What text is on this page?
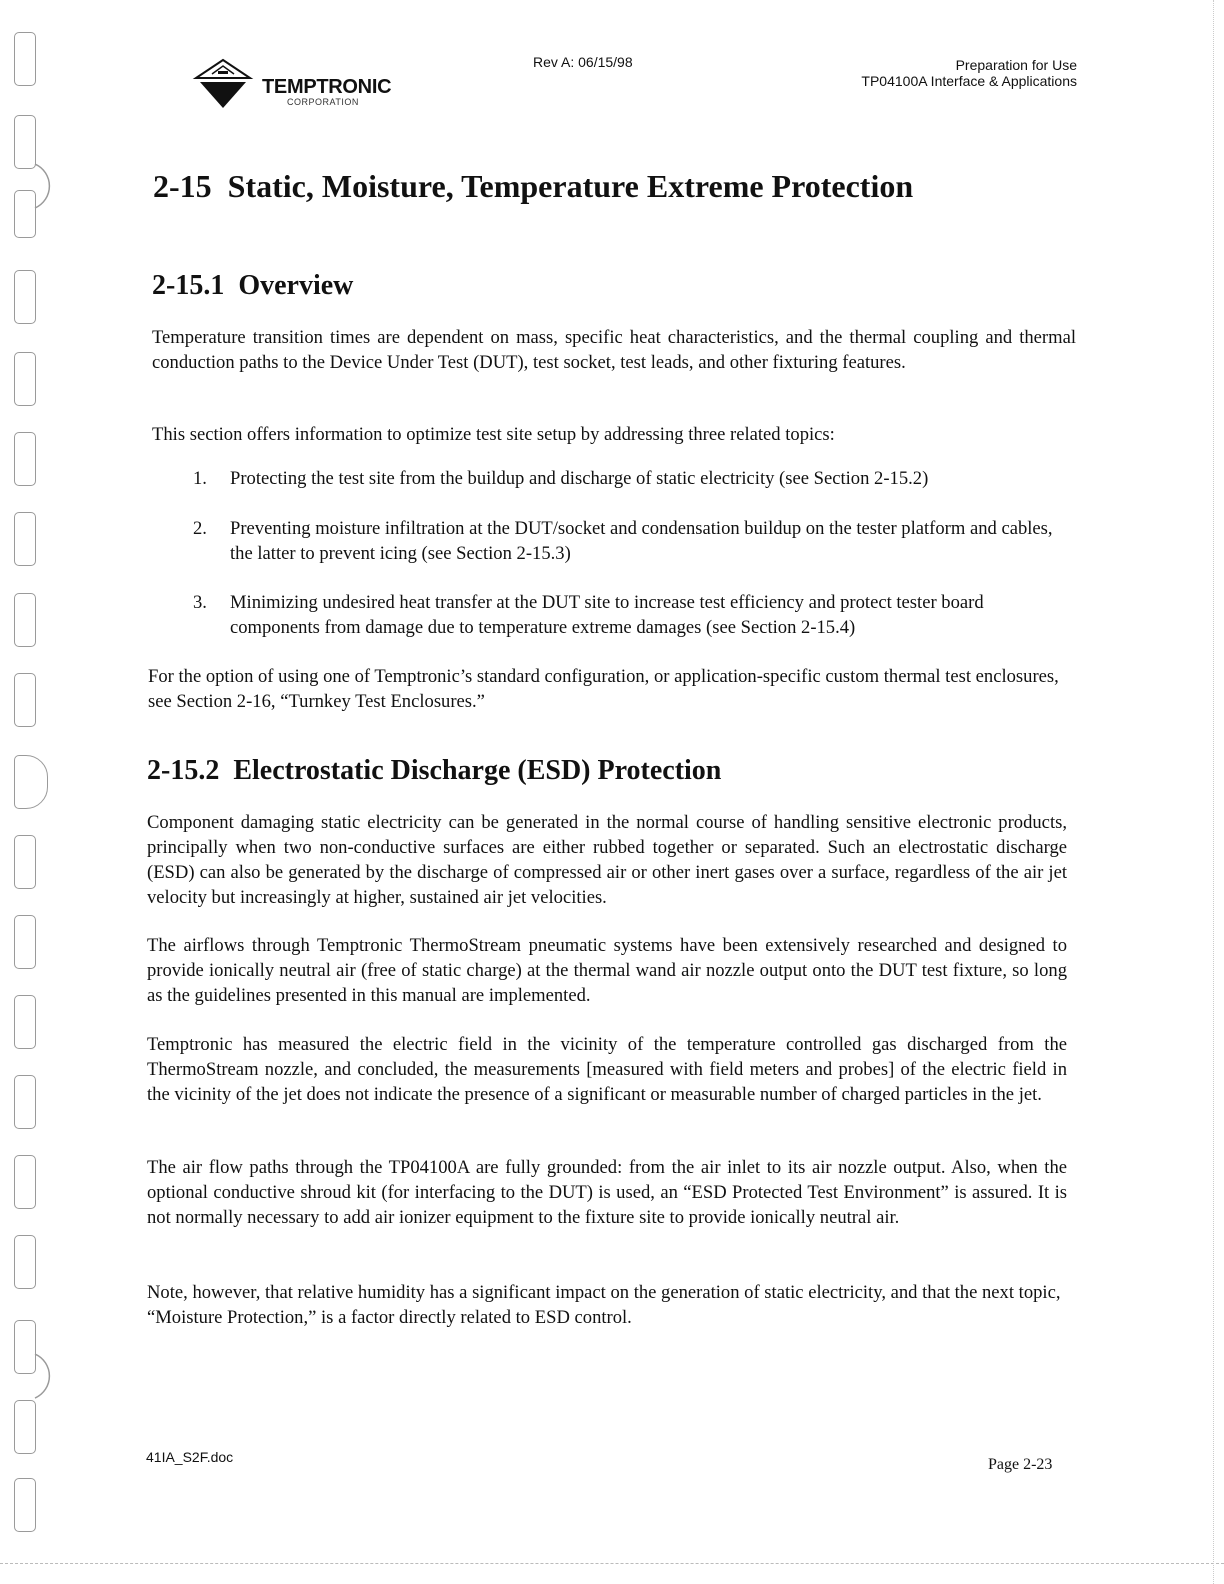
TEMPTRONIC
CORPORATION
Rev A: 06/15/98	Preparation for Use
TP04100A Interface & Applications
2-15  Static, Moisture, Temperature Extreme Protection
2-15.1  Overview

Temperature transition times are dependent on mass, specific heat characteristics, and the thermal coupling and thermal conduction paths to the Device Under Test (DUT), test socket, test leads, and other fixturing features.

This section offers information to optimize test site setup by addressing three related topics:

1.	Protecting the test site from the buildup and discharge of static electricity (see Section 2-15.2)
2.	Preventing moisture infiltration at the DUT/socket and condensation buildup on the tester platform and cables, the latter to prevent icing (see Section 2-15.3)
3.	Minimizing undesired heat transfer at the DUT site to increase test efficiency and protect tester board components from damage due to temperature extreme damages (see Section 2-15.4)

For the option of using one of Temptronic’s standard configuration, or application-specific custom thermal test enclosures, see Section 2-16, “Turnkey Test Enclosures.”

2-15.2  Electrostatic Discharge (ESD) Protection

Component damaging static electricity can be generated in the normal course of handling sensitive electronic products, principally when two non-conductive surfaces are either rubbed together or separated. Such an electrostatic discharge (ESD) can also be generated by the discharge of compressed air or other inert gases over a surface, regardless of the air jet velocity but increasingly at higher, sustained air jet velocities.

The airflows through Temptronic ThermoStream pneumatic systems have been extensively researched and designed to provide ionically neutral air (free of static charge) at the thermal wand air nozzle output onto the DUT test fixture, so long as the guidelines presented in this manual are implemented.

Temptronic has measured the electric field in the vicinity of the temperature controlled gas discharged from the ThermoStream nozzle, and concluded, the measurements [measured with field meters and probes] of the electric field in the vicinity of the jet does not indicate the presence of a significant or measurable number of charged particles in the jet.

The air flow paths through the TP04100A are fully grounded: from the air inlet to its air nozzle output. Also, when the optional conductive shroud kit (for interfacing to the DUT) is used, an “ESD Protected Test Environment” is assured. It is not normally necessary to add air ionizer equipment to the fixture site to provide ionically neutral air.

Note, however, that relative humidity has a significant impact on the generation of static electricity, and that the next topic, “Moisture Protection,” is a factor directly related to ESD control.

41IA_S2F.doc	Page 2-23
